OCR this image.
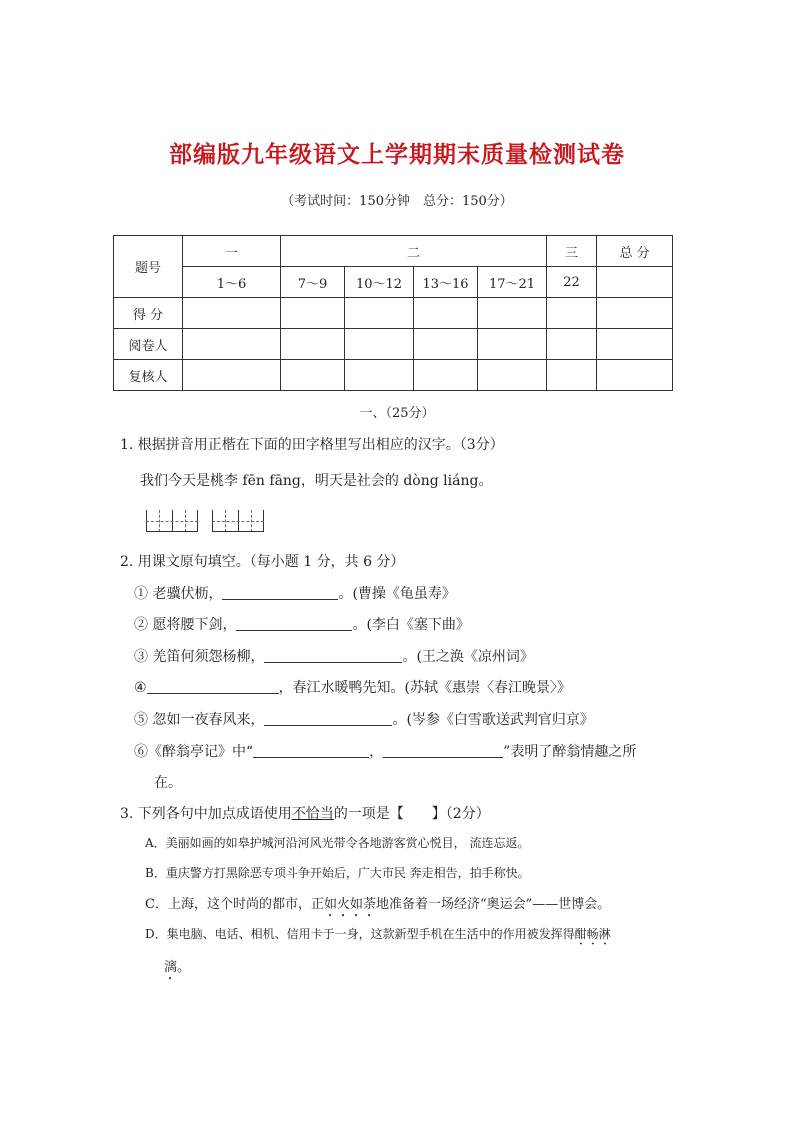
部编版九年级语文上学期期末质量检测试卷
（考试时间：150分钟　总分：150分）
题号	一	二				三	总 分	
	1～6	7～9	10～12	13～16	17～21	22		
得 分								
阅卷人								
复核人								
一、（25分）
1. 根据拼音用正楷在下面的田字格里写出相应的汉字。（3分）
我们今天是桃李 fēn fāng，明天是社会的 dòng liáng。
2. 用课文原句填空。（每小题 1 分，共 6 分）
① 老骥伏枥，	。(曹操《龟虽寿》
② 愿将腰下剑，	。(李白《塞下曲》
③ 羌笛何须怨杨柳，	。(王之涣《凉州词》
④	，春江水暖鸭先知。(苏轼《惠崇〈春江晚景〉》
⑤ 忽如一夜春风来，	。(岑参《白雪歌送武判官归京》
⑥《醉翁亭记》中“	，	”表明了醉翁情趣之所
在。
3. 下列各句中加点成语使用不恰当的一项是【　　】（2分）
A．美丽如画的如皋护城河沿河风光带令各地游客赏心悦目， 流连忘返。
B．重庆警方打黑除恶专项斗争开始后，广大市民 奔走相告，拍手称快。
C．上海，这个时尚的都市，正如火如荼地准备着一场经济“奥运会”——世博会。
D．集电脑、电话、相机、信用卡于一身，这款新型手机在生活中的作用被发挥得酣畅淋
漓。
